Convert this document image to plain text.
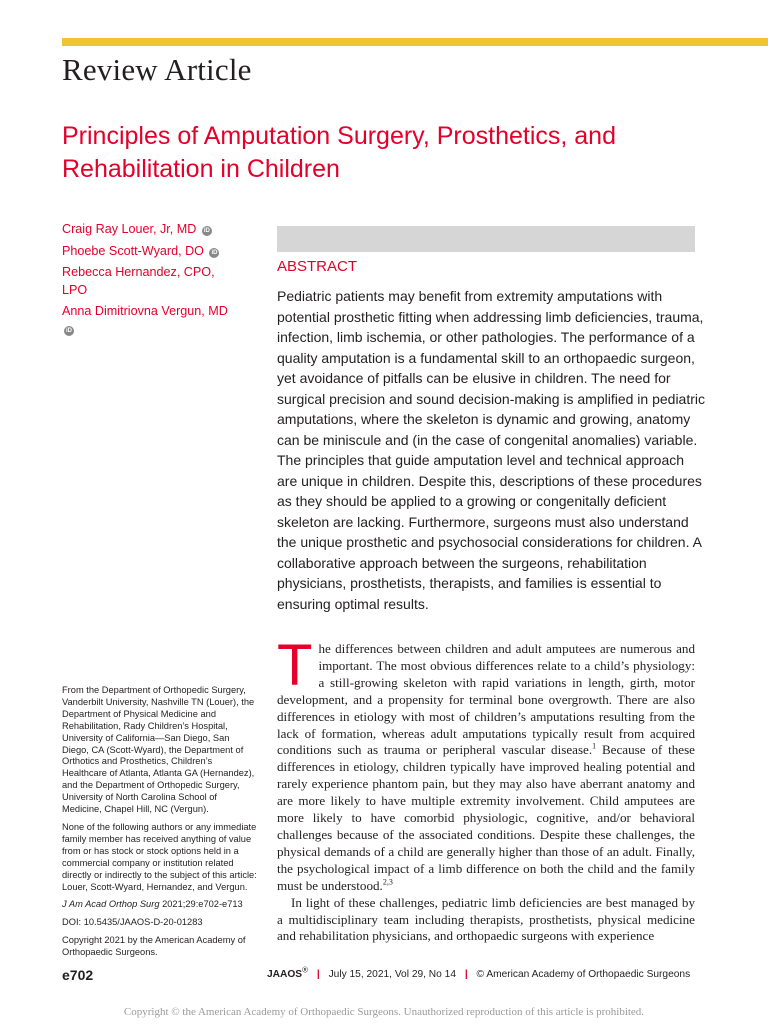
Review Article
Principles of Amputation Surgery, Prosthetics, and Rehabilitation in Children
Craig Ray Louer, Jr, MD iD
Phoebe Scott-Wyard, DO iD
Rebecca Hernandez, CPO, LPO
Anna Dimitriovna Vergun, MD iD
ABSTRACT
Pediatric patients may benefit from extremity amputations with potential prosthetic fitting when addressing limb deficiencies, trauma, infection, limb ischemia, or other pathologies. The performance of a quality amputation is a fundamental skill to an orthopaedic surgeon, yet avoidance of pitfalls can be elusive in children. The need for surgical precision and sound decision-making is amplified in pediatric amputations, where the skeleton is dynamic and growing, anatomy can be miniscule and (in the case of congenital anomalies) variable. The principles that guide amputation level and technical approach are unique in children. Despite this, descriptions of these procedures as they should be applied to a growing or congenitally deficient skeleton are lacking. Furthermore, surgeons must also understand the unique prosthetic and psychosocial considerations for children. A collaborative approach between the surgeons, rehabilitation physicians, prosthetists, therapists, and families is essential to ensuring optimal results.
T he differences between children and adult amputees are numerous and important. The most obvious differences relate to a child’s physiology: a still-growing skeleton with rapid variations in length, girth, motor development, and a propensity for terminal bone overgrowth. There are also differences in etiology with most of children’s amputations resulting from the lack of formation, whereas adult amputations typically result from acquired conditions such as trauma or peripheral vascular disease.$^1$ Because of these differences in etiology, children typically have improved healing potential and rarely experience phantom pain, but they may also have aberrant anatomy and are more likely to have multiple extremity involvement. Child amputees are more likely to have comorbid physiologic, cognitive, and/or behavioral challenges because of the associated conditions. Despite these challenges, the physical demands of a child are generally higher than those of an adult. Finally, the psychological impact of a limb difference on both the child and the family must be understood.$^{2,3}$

In light of these challenges, pediatric limb deficiencies are best managed by a multidisciplinary team including therapists, prosthetists, physical medicine and rehabilitation physicians, and orthopaedic surgeons with experience

From the Department of Orthopedic Surgery, Vanderbilt University, Nashville TN (Louer), the Department of Physical Medicine and Rehabilitation, Rady Children’s Hospital, University of California—San Diego, San Diego, CA (Scott-Wyard), the Department of Orthotics and Prosthetics, Children’s Healthcare of Atlanta, Atlanta GA (Hernandez), and the Department of Orthopedic Surgery, University of North Carolina School of Medicine, Chapel Hill, NC (Vergun).

None of the following authors or any immediate family member has received anything of value from or has stock or stock options held in a commercial company or institution related directly or indirectly to the subject of this article: Louer, Scott-Wyard, Hernandez, and Vergun.

J Am Acad Orthop Surg 2021;29:e702-e713

DOI: 10.5435/JAAOS-D-20-01283

Copyright 2021 by the American Academy of Orthopaedic Surgeons.

e702	JAAOS® | July 15, 2021, Vol 29, No 14 | © American Academy of Orthopaedic Surgeons
Copyright © the American Academy of Orthopaedic Surgeons. Unauthorized reproduction of this article is prohibited.
